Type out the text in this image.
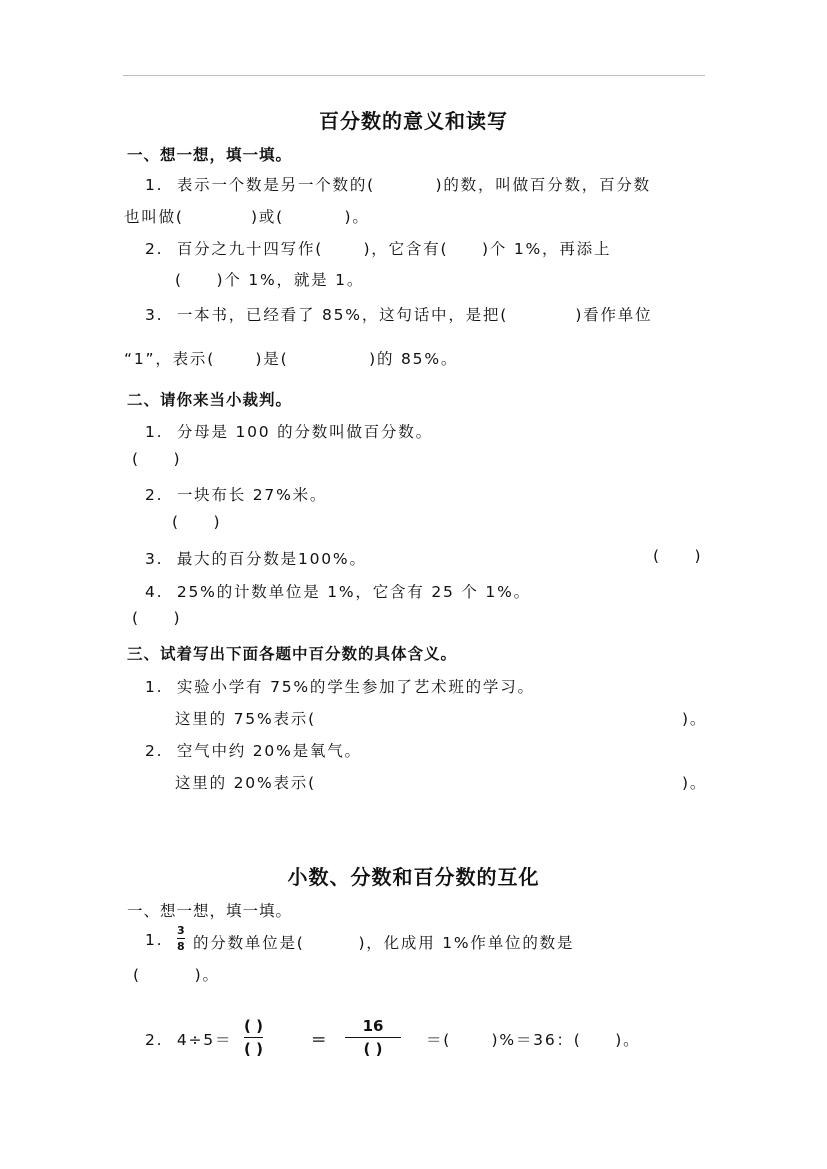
百分数的意义和读写
一、想一想，填一填。
1.  表示一个数是另一个数的(         )的数，叫做百分数，百分数
也叫做(          )或(         )。
2.  百分之九十四写作(      )，它含有(     )个 1%，再添上
(     )个 1%，就是 1。
3.  一本书，已经看了 85%，这句话中，是把(          )看作单位
“1”，表示(      )是(            )的 85%。
二、请你来当小裁判。
1.  分母是 100 的分数叫做百分数。
(     )
2.  一块布长 27%米。
(     )
3.  最大的百分数是100%。	(     )
4.  25%的计数单位是 1%，它含有 25 个 1%。
(     )
三、试着写出下面各题中百分数的具体含义。
1.  实验小学有 75%的学生参加了艺术班的学习。
这里的 75%表示(	)。
2.  空气中约 20%是氧气。
这里的 20%表示(	)。
小数、分数和百分数的互化
一、想一想，填一填。
1.
3
8 的分数单位是(        )，化成用 1%作单位的数是
(        )。
2.  4÷5＝
( )
( )	＝
16
( )	＝(      )%＝36：(     )。
